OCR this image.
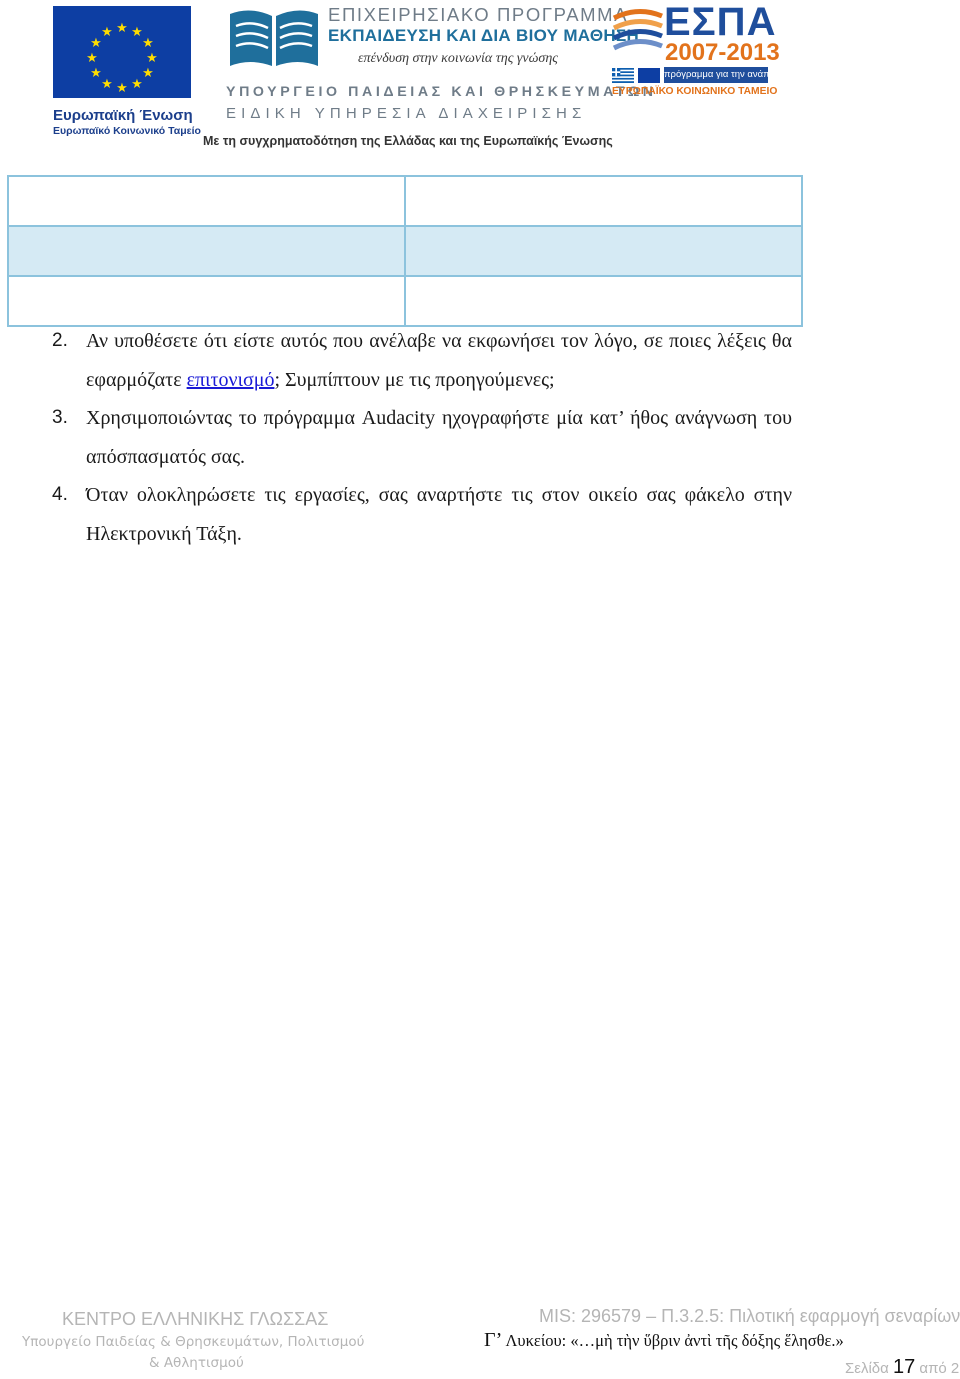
★ ★
★
★
★
★
★
★
★
★
★
★
Ευρωπαϊκή Ένωση
Ευρωπαϊκό Κοινωνικό Ταμείο
ΕΠΙΧΕΙΡΗΣΙΑΚΟ ΠΡΟΓΡΑΜΜΑ
ΕΚΠΑΙΔΕΥΣΗ ΚΑΙ ΔΙΑ ΒΙΟΥ ΜΑΘΗΣΗ
επένδυση στην κοινωνία της γνώσης
ΥΠΟΥΡΓΕΙΟ ΠΑΙΔΕΙΑΣ ΚΑΙ ΘΡΗΣΚΕΥΜΑΤΩΝ
ΕΙΔΙΚΗ ΥΠΗΡΕΣΙΑ ΔΙΑΧΕΙΡΙΣΗΣ
Με τη συγχρηματοδότηση της Ελλάδας και της Ευρωπαϊκής Ένωσης
ΕΣΠΑ
2007-2013
πρόγραμμα για την ανάπτυξη
ΕΥΡΩΠΑΪΚΟ ΚΟΙΝΩΝΙΚΟ ΤΑΜΕΙΟ

2. Αν υποθέσετε ότι είστε αυτός που ανέλαβε να εκφωνήσει τον λόγο, σε ποιες λέξεις θα εφαρμόζατε επιτονισμό; Συμπίπτουν με τις προηγούμενες;
3. Χρησιμοποιώντας το πρόγραμμα Audacity ηχογραφήστε μία κατ’ ήθος ανάγνωση του απόσπασματός σας.
4. Όταν ολοκληρώσετε τις εργασίες, σας αναρτήστε τις στον οικείο σας φάκελο στην Ηλεκτρονική Τάξη.
ΚΕΝΤΡΟ ΕΛΛΗΝΙΚΗΣ ΓΛΩΣΣΑΣ
Υπουργείο Παιδείας & Θρησκευμάτων, Πολιτισμού
& Αθλητισμού
MIS: 296579 – Π.3.2.5: Πιλοτική εφαρμογή σεναρίων
Γ’ Λυκείου: «…μὴ τὴν ὕβριν ἀντὶ τῆς δόξης ἕλησθε.»
Σελίδα 17 από 2
